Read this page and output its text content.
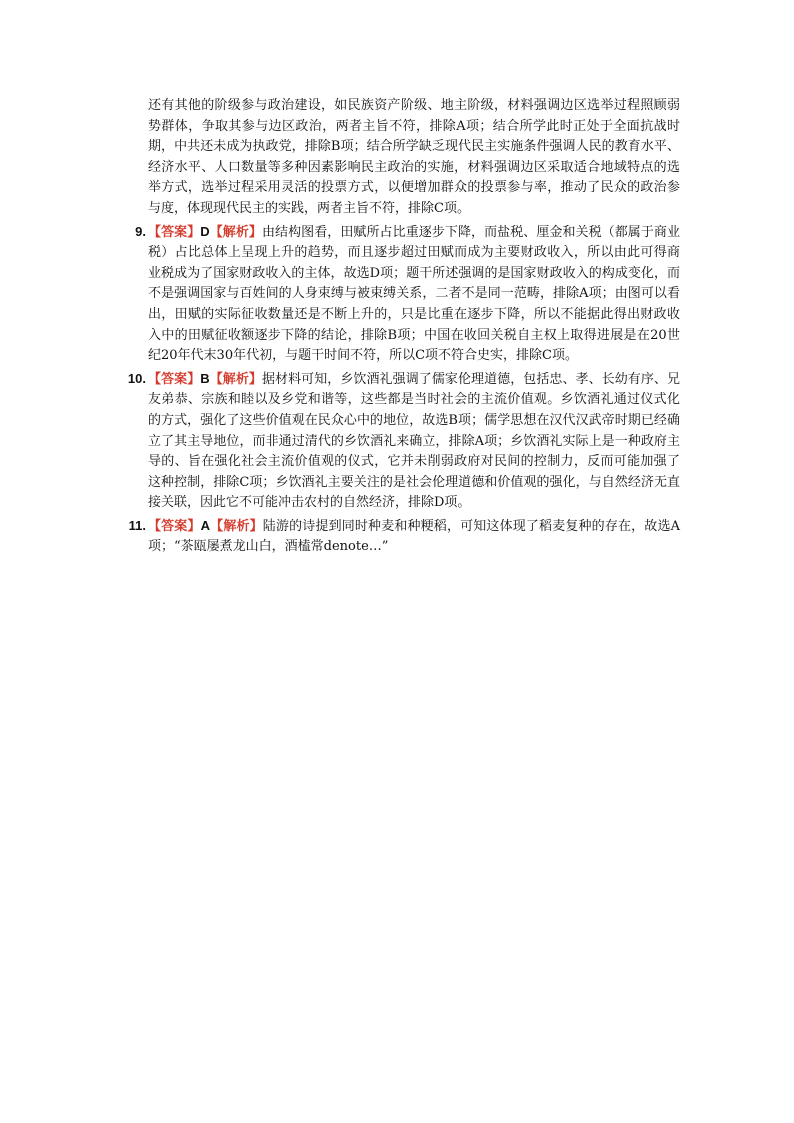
还有其他的阶级参与政治建设，如民族资产阶级、地主阶级，材料强调边区选举过程照顾弱势群体，争取其参与边区政治，两者主旨不符，排除A项；结合所学此时正处于全面抗战时期，中共还未成为执政党，排除B项；结合所学缺乏现代民主实施条件强调人民的教育水平、经济水平、人口数量等多种因素影响民主政治的实施，材料强调边区采取适合地域特点的选举方式，选举过程采用灵活的投票方式，以便增加群众的投票参与率，推动了民众的政治参与度，体现现代民主的实践，两者主旨不符，排除C项。

9. 【答案】D【解析】由结构图看，田赋所占比重逐步下降，而盐税、厘金和关税（都属于商业税）占比总体上呈现上升的趋势，而且逐步超过田赋而成为主要财政收入，所以由此可得商业税成为了国家财政收入的主体，故选D项；题干所述强调的是国家财政收入的构成变化，而不是强调国家与百姓间的人身束缚与被束缚关系，二者不是同一范畴，排除A项；由图可以看出，田赋的实际征收数量还是不断上升的，只是比重在逐步下降，所以不能据此得出财政收入中的田赋征收额逐步下降的结论，排除B项；中国在收回关税自主权上取得进展是在20世纪20年代末30年代初，与题干时间不符，所以C项不符合史实，排除C项。
10. 【答案】B【解析】据材料可知，乡饮酒礼强调了儒家伦理道德，包括忠、孝、长幼有序、兄友弟恭、宗族和睦以及乡党和谐等，这些都是当时社会的主流价值观。乡饮酒礼通过仪式化的方式，强化了这些价值观在民众心中的地位，故选B项；儒学思想在汉代汉武帝时期已经确立了其主导地位，而非通过清代的乡饮酒礼来确立，排除A项；乡饮酒礼实际上是一种政府主导的、旨在强化社会主流价值观的仪式，它并未削弱政府对民间的控制力，反而可能加强了这种控制，排除C项；乡饮酒礼主要关注的是社会伦理道德和价值观的强化，与自然经济无直接关联，因此它不可能冲击农村的自然经济，排除D项。
11. 【答案】A【解析】陆游的诗提到同时种麦和种粳稻，可知这体现了稻麦复种的存在，故选A项；“茶瓯屡煮龙山白，酒榼常denote…”
